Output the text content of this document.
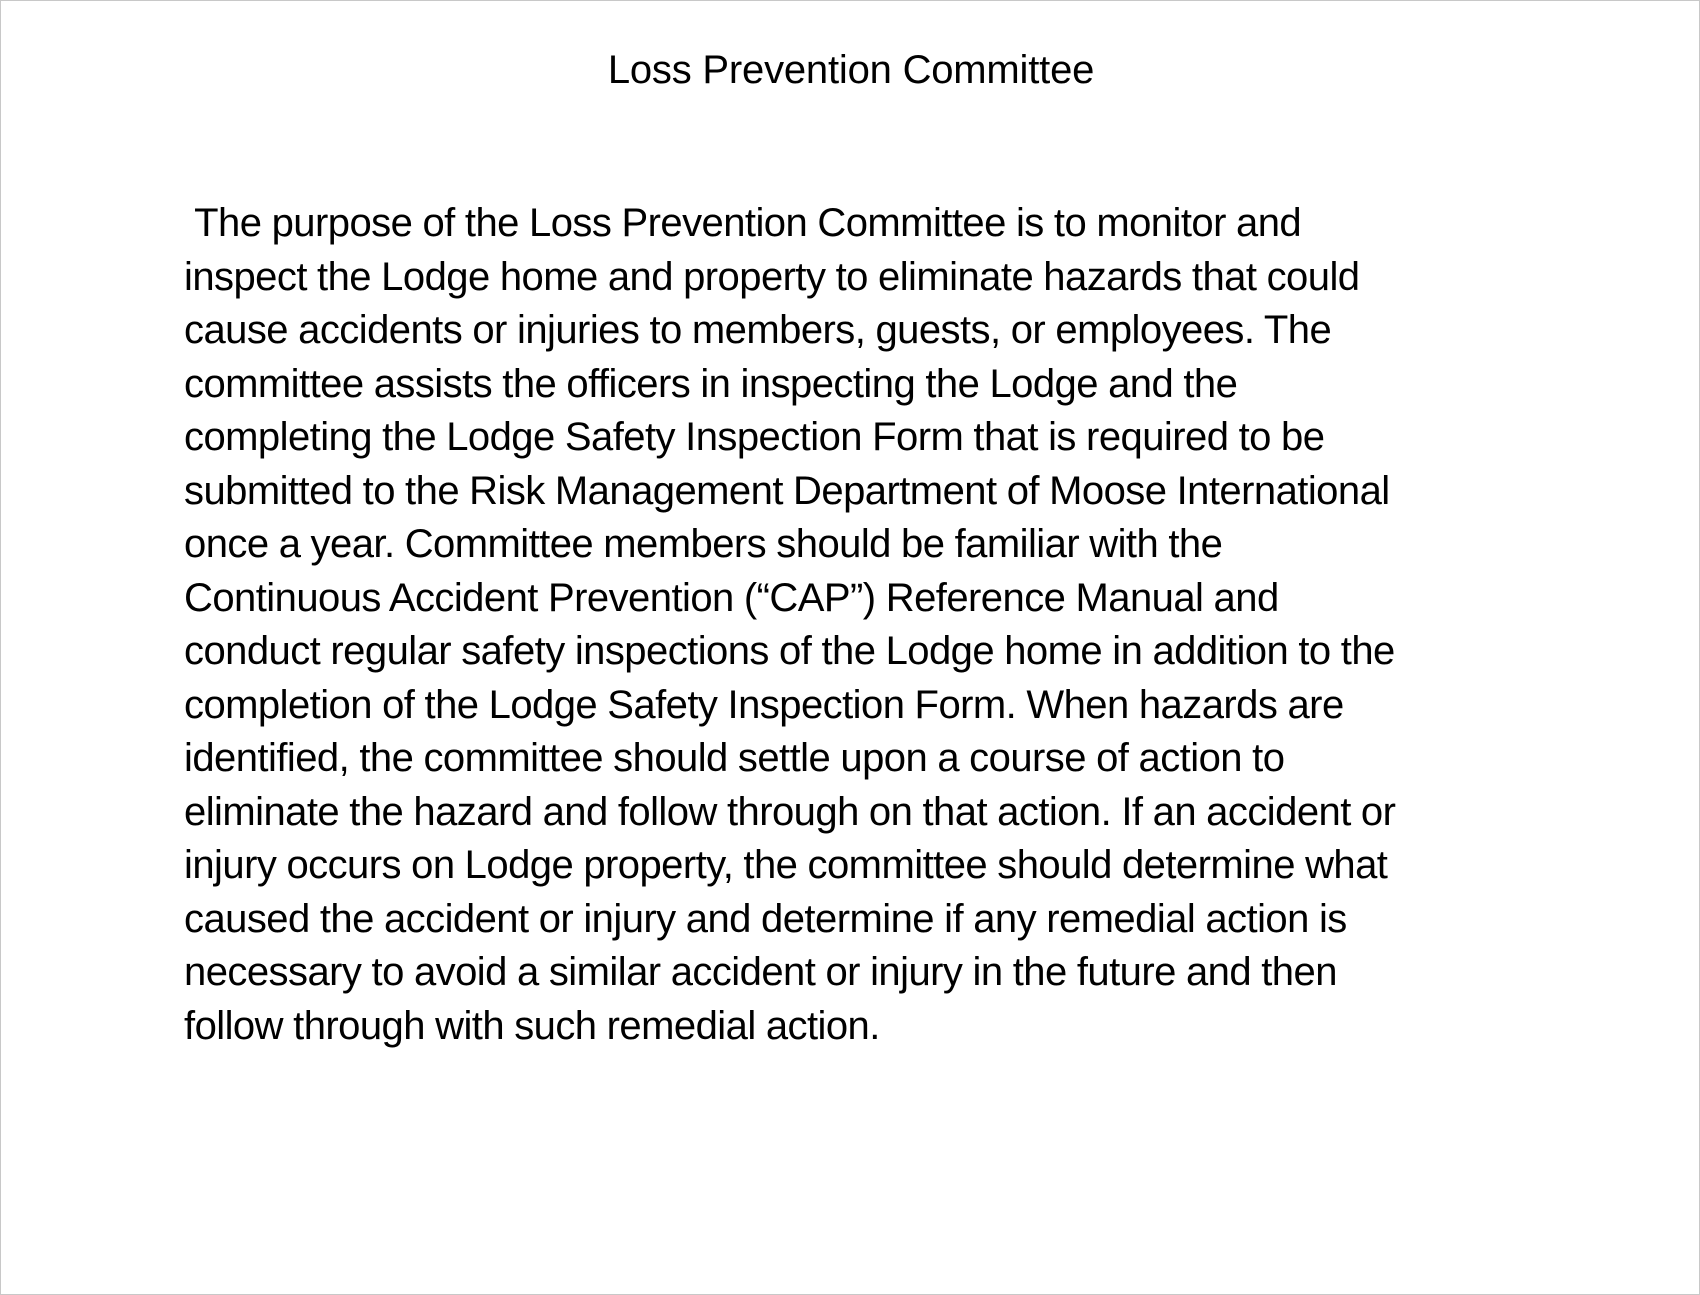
Loss Prevention Committee

The purpose of the Loss Prevention Committee is to monitor and inspect the Lodge home and property to eliminate hazards that could cause accidents or injuries to members, guests, or employees. The committee assists the officers in inspecting the Lodge and the completing the Lodge Safety Inspection Form that is required to be submitted to the Risk Management Department of Moose International once a year. Committee members should be familiar with the Continuous Accident Prevention (“CAP”) Reference Manual and conduct regular safety inspections of the Lodge home in addition to the completion of the Lodge Safety Inspection Form. When hazards are identified, the committee should settle upon a course of action to eliminate the hazard and follow through on that action. If an accident or injury occurs on Lodge property, the committee should determine what caused the accident or injury and determine if any remedial action is necessary to avoid a similar accident or injury in the future and then follow through with such remedial action.
